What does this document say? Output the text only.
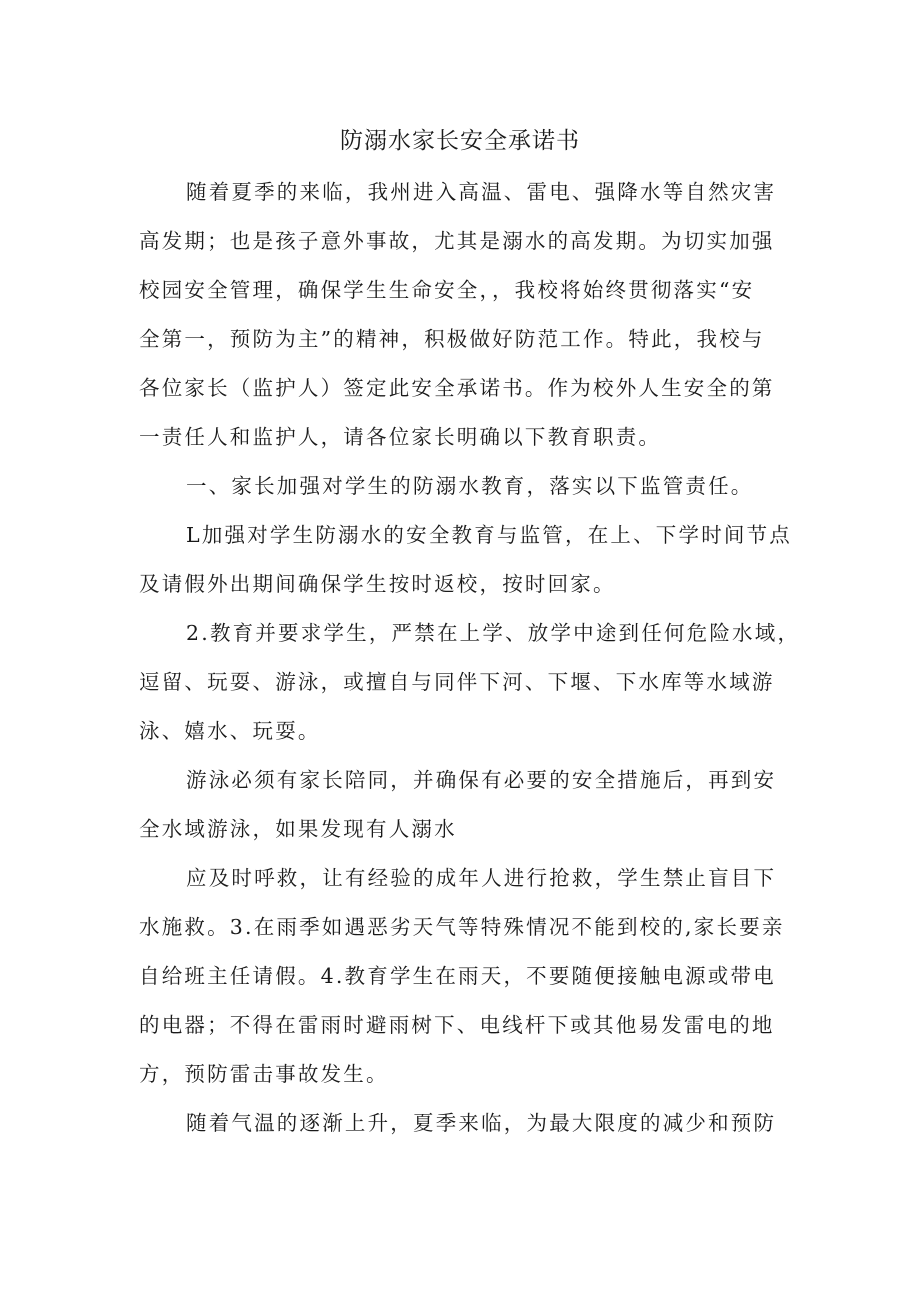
防溺水家长安全承诺书
随着夏季的来临，我州进入高温、雷电、强降水等自然灾害
高发期；也是孩子意外事故，尤其是溺水的高发期。为切实加强
校园安全管理，确保学生生命安全，，我校将始终贯彻落实“安
全第一，预防为主”的精神，积极做好防范工作。特此，我校与
各位家长（监护人）签定此安全承诺书。作为校外人生安全的第
一责任人和监护人，请各位家长明确以下教育职责。
一、家长加强对学生的防溺水教育，落实以下监管责任。
L加强对学生防溺水的安全教育与监管，在上、下学时间节点
及请假外出期间确保学生按时返校，按时回家。
2.教育并要求学生，严禁在上学、放学中途到任何危险水域，
逗留、玩耍、游泳，或擅自与同伴下河、下堰、下水库等水域游
泳、嬉水、玩耍。
游泳必须有家长陪同，并确保有必要的安全措施后，再到安
全水域游泳，如果发现有人溺水
应及时呼救，让有经验的成年人进行抢救，学生禁止盲目下
水施救。3.在雨季如遇恶劣天气等特殊情况不能到校的,家长要亲
自给班主任请假。4.教育学生在雨天，不要随便接触电源或带电
的电器；不得在雷雨时避雨树下、电线杆下或其他易发雷电的地
方，预防雷击事故发生。
随着气温的逐渐上升，夏季来临，为最大限度的减少和预防
